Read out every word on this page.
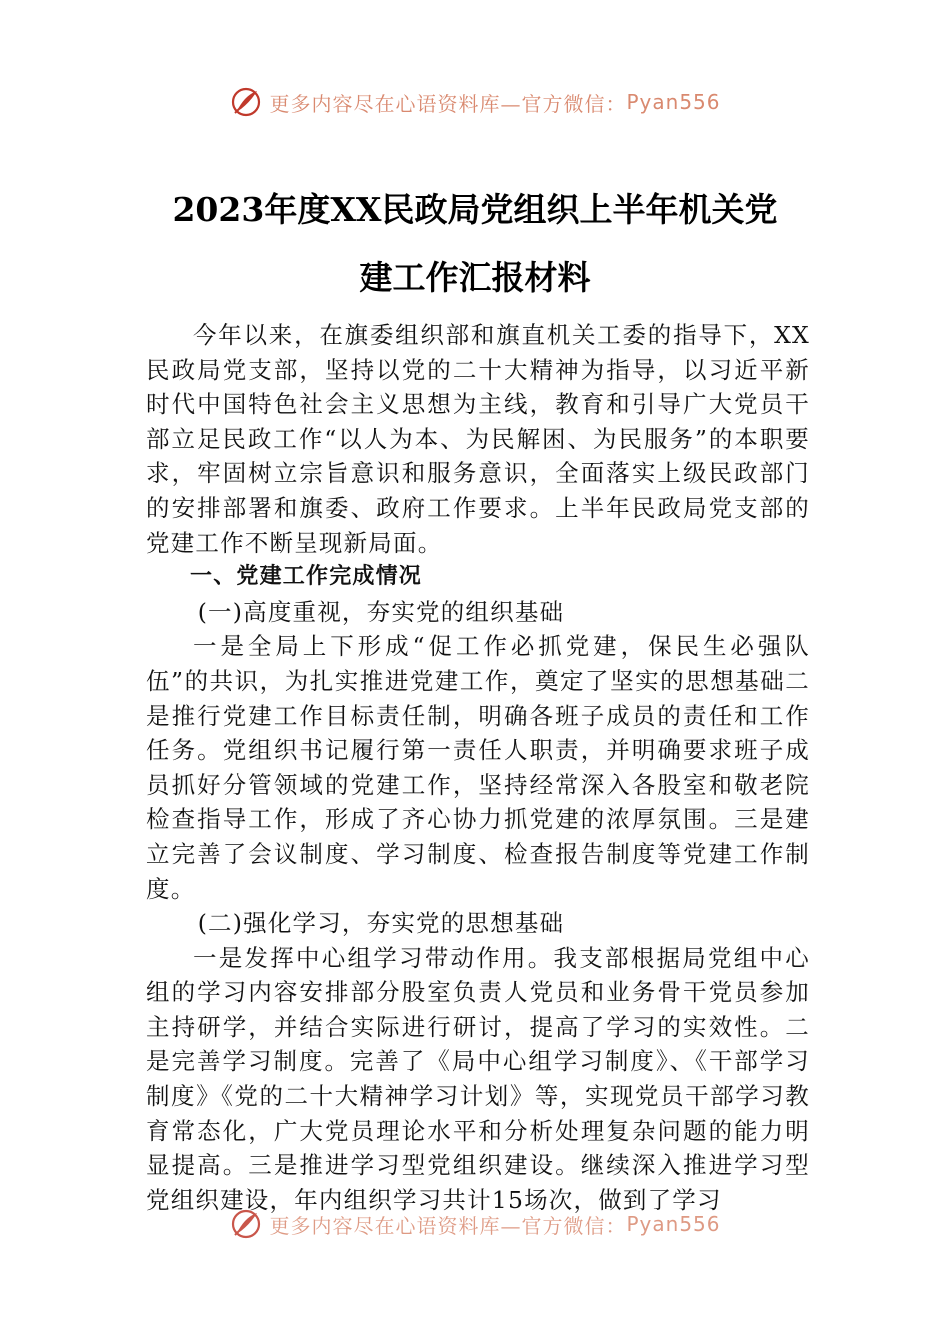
更多内容尽在心语资料库—官方微信： Pyan556
2023年度XX民政局党组织上半年机关党
建工作汇报材料

今年以来，在旗委组织部和旗直机关工委的指导下，XX民政局党支部，坚持以党的二十大精神为指导，以习近平新时代中国特色社会主义思想为主线，教育和引导广大党员干部立足民政工作“以人为本、为民解困、为民服务”的本职要求，牢固树立宗旨意识和服务意识，全面落实上级民政部门的安排部署和旗委、政府工作要求。上半年民政局党支部的党建工作不断呈现新局面。

一、党建工作完成情况

(一)高度重视，夯实党的组织基础

一是全局上下形成“促工作必抓党建，保民生必强队伍”的共识，为扎实推进党建工作，奠定了坚实的思想基础二是推行党建工作目标责任制，明确各班子成员的责任和工作任务。党组织书记履行第一责任人职责，并明确要求班子成员抓好分管领域的党建工作，坚持经常深入各股室和敬老院检查指导工作，形成了齐心协力抓党建的浓厚氛围。三是建立完善了会议制度、学习制度、检查报告制度等党建工作制度。

(二)强化学习，夯实党的思想基础

一是发挥中心组学习带动作用。我支部根据局党组中心组的学习内容安排部分股室负责人党员和业务骨干党员参加主持研学，并结合实际进行研讨，提高了学习的实效性。二是完善学习制度。完善了《局中心组学习制度》、《干部学习制度》《党的二十大精神学习计划》等，实现党员干部学习教育常态化，广大党员理论水平和分析处理复杂问题的能力明显提高。三是推进学习型党组织建设。继续深入推进学习型党组织建设，年内组织学习共计15场次，做到了学习

更多内容尽在心语资料库—官方微信： Pyan556
